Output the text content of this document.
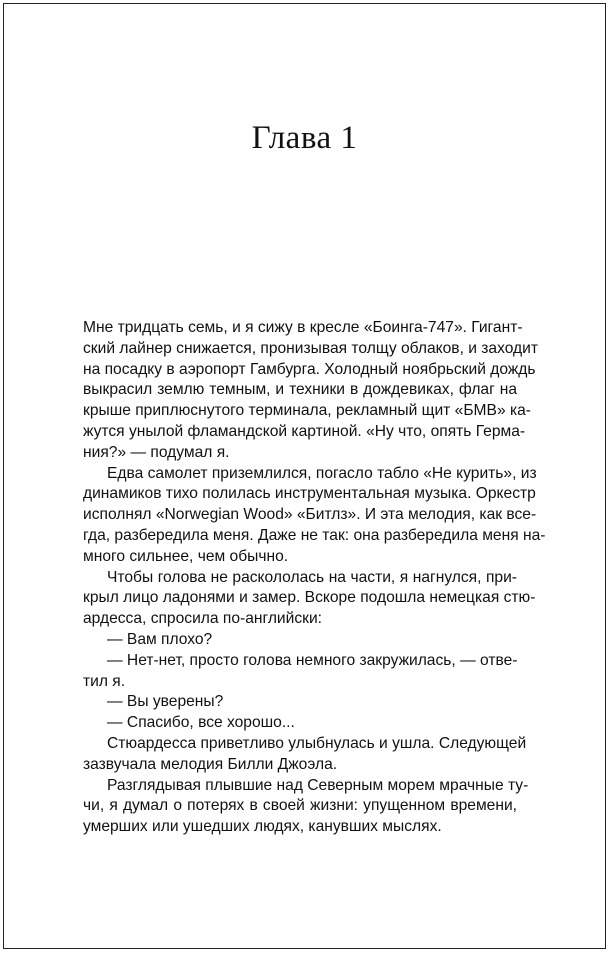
Глава 1
Мне тридцать семь, и я сижу в кресле «Боинга-747». Гигант-
ский лайнер снижается, пронизывая толщу облаков, и заходит
на посадку в аэропорт Гамбурга. Холодный ноябрьский дождь
выкрасил землю темным, и техники в дождевиках, флаг на
крыше приплюснутого терминала, рекламный щит «БМВ» ка-
жутся унылой фламандской картиной. «Ну что, опять Герма-
ния?» — подумал я.
Едва самолет приземлился, погасло табло «Не курить», из
динамиков тихо полилась инструментальная музыка. Оркестр
исполнял «Norwegian Wood» «Битлз». И эта мелодия, как все-
гда, разбередила меня. Даже не так: она разбередила меня на-
много сильнее, чем обычно.
Чтобы голова не раскололась на части, я нагнулся, при-
крыл лицо ладонями и замер. Вскоре подошла немецкая стю-
ардесса, спросила по-английски:
— Вам плохо?
— Нет-нет, просто голова немного закружилась, — отве-
тил я.
— Вы уверены?
— Спасибо, все хорошо...
Стюардесса приветливо улыбнулась и ушла. Следующей
зазвучала мелодия Билли Джоэла.
Разглядывая плывшие над Северным морем мрачные ту-
чи, я думал о потерях в своей жизни: упущенном времени,
умерших или ушедших людях, канувших мыслях.
